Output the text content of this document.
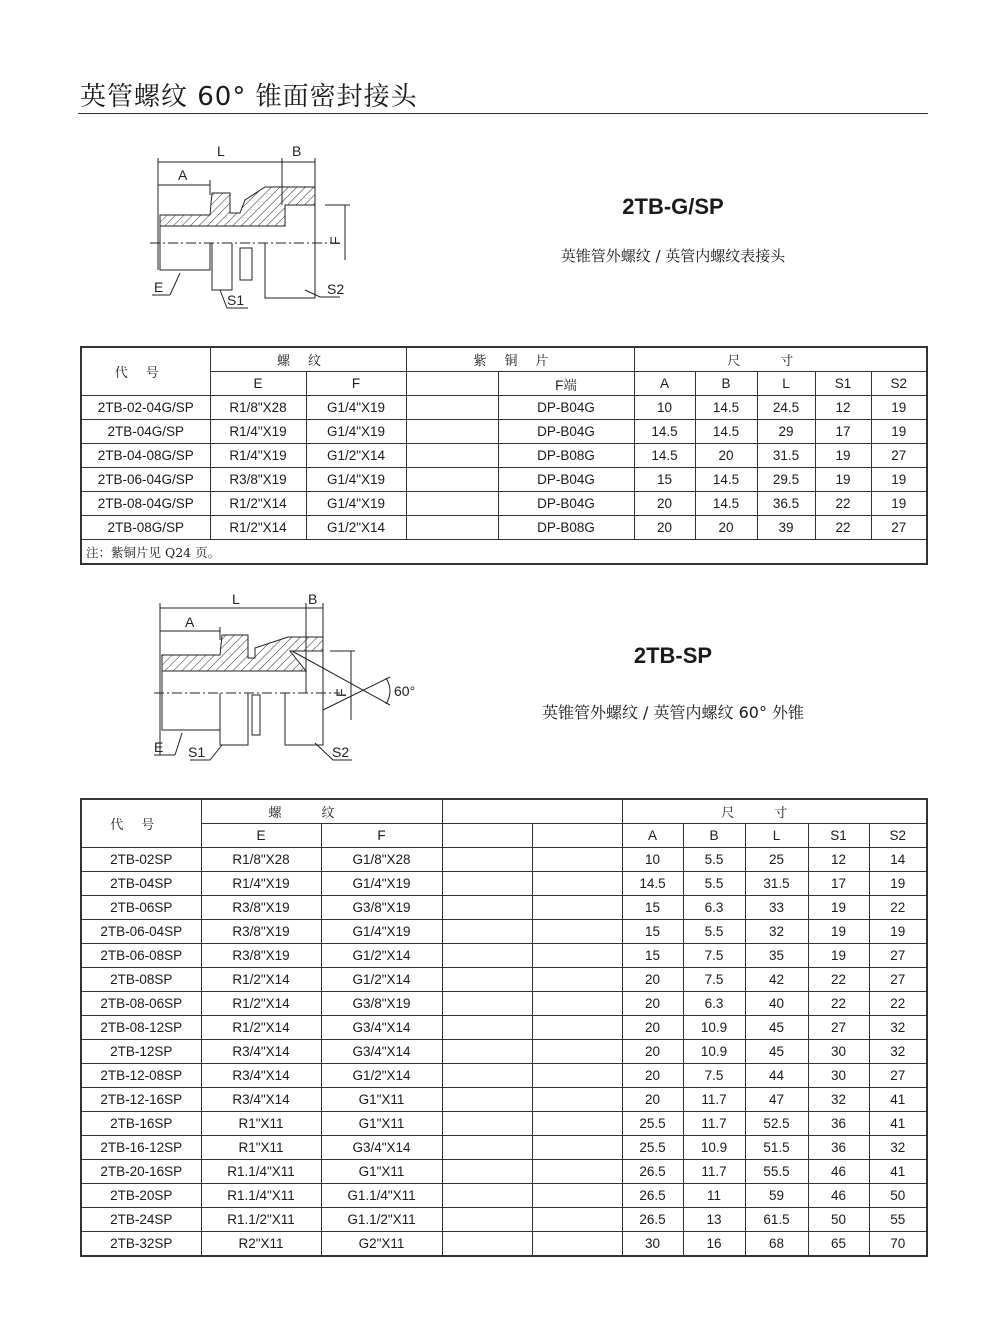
英管螺纹 60° 锥面密封接头
L	B
A
F
E
S1
S2
2TB-G/SP
英锥管外螺纹 / 英管内螺纹表接头
代号	螺纹		紫铜片		尺寸				
	E	F		F端	A	B	L	S1	S2
2TB-02-04G/SP	R1/8"X28	G1/4"X19		DP-B04G	10	14.5	24.5	12	19
2TB-04G/SP	R1/4"X19	G1/4"X19		DP-B04G	14.5	14.5	29	17	19
2TB-04-08G/SP	R1/4"X19	G1/2"X14		DP-B08G	14.5	20	31.5	19	27
2TB-06-04G/SP	R3/8"X19	G1/4"X19		DP-B04G	15	14.5	29.5	19	19
2TB-08-04G/SP	R1/2"X14	G1/4"X19		DP-B04G	20	14.5	36.5	22	19
2TB-08G/SP	R1/2"X14	G1/2"X14		DP-B08G	20	20	39	22	27
注：紫铜片见 Q24 页。									
L	B
A
F	60°
E S1	S2
2TB-SP
英锥管外螺纹 / 英管内螺纹 60° 外锥
代号	螺纹				尺寸				
	E	F			A	B	L	S1	S2
2TB-02SP	R1/8"X28	G1/8"X28			10	5.5	25	12	14
2TB-04SP	R1/4"X19	G1/4"X19			14.5	5.5	31.5	17	19
2TB-06SP	R3/8"X19	G3/8"X19			15	6.3	33	19	22
2TB-06-04SP	R3/8"X19	G1/4"X19			15	5.5	32	19	19
2TB-06-08SP	R3/8"X19	G1/2"X14			15	7.5	35	19	27
2TB-08SP	R1/2"X14	G1/2"X14			20	7.5	42	22	27
2TB-08-06SP	R1/2"X14	G3/8"X19			20	6.3	40	22	22
2TB-08-12SP	R1/2"X14	G3/4"X14			20	10.9	45	27	32
2TB-12SP	R3/4"X14	G3/4"X14			20	10.9	45	30	32
2TB-12-08SP	R3/4"X14	G1/2"X14			20	7.5	44	30	27
2TB-12-16SP	R3/4"X14	G1"X11			20	11.7	47	32	41
2TB-16SP	R1"X11	G1"X11			25.5	11.7	52.5	36	41
2TB-16-12SP	R1"X11	G3/4"X14			25.5	10.9	51.5	36	32
2TB-20-16SP	R1.1/4"X11	G1"X11			26.5	11.7	55.5	46	41
2TB-20SP	R1.1/4"X11	G1.1/4"X11			26.5	11	59	46	50
2TB-24SP	R1.1/2"X11	G1.1/2"X11			26.5	13	61.5	50	55
2TB-32SP	R2"X11	G2"X11			30	16	68	65	70
